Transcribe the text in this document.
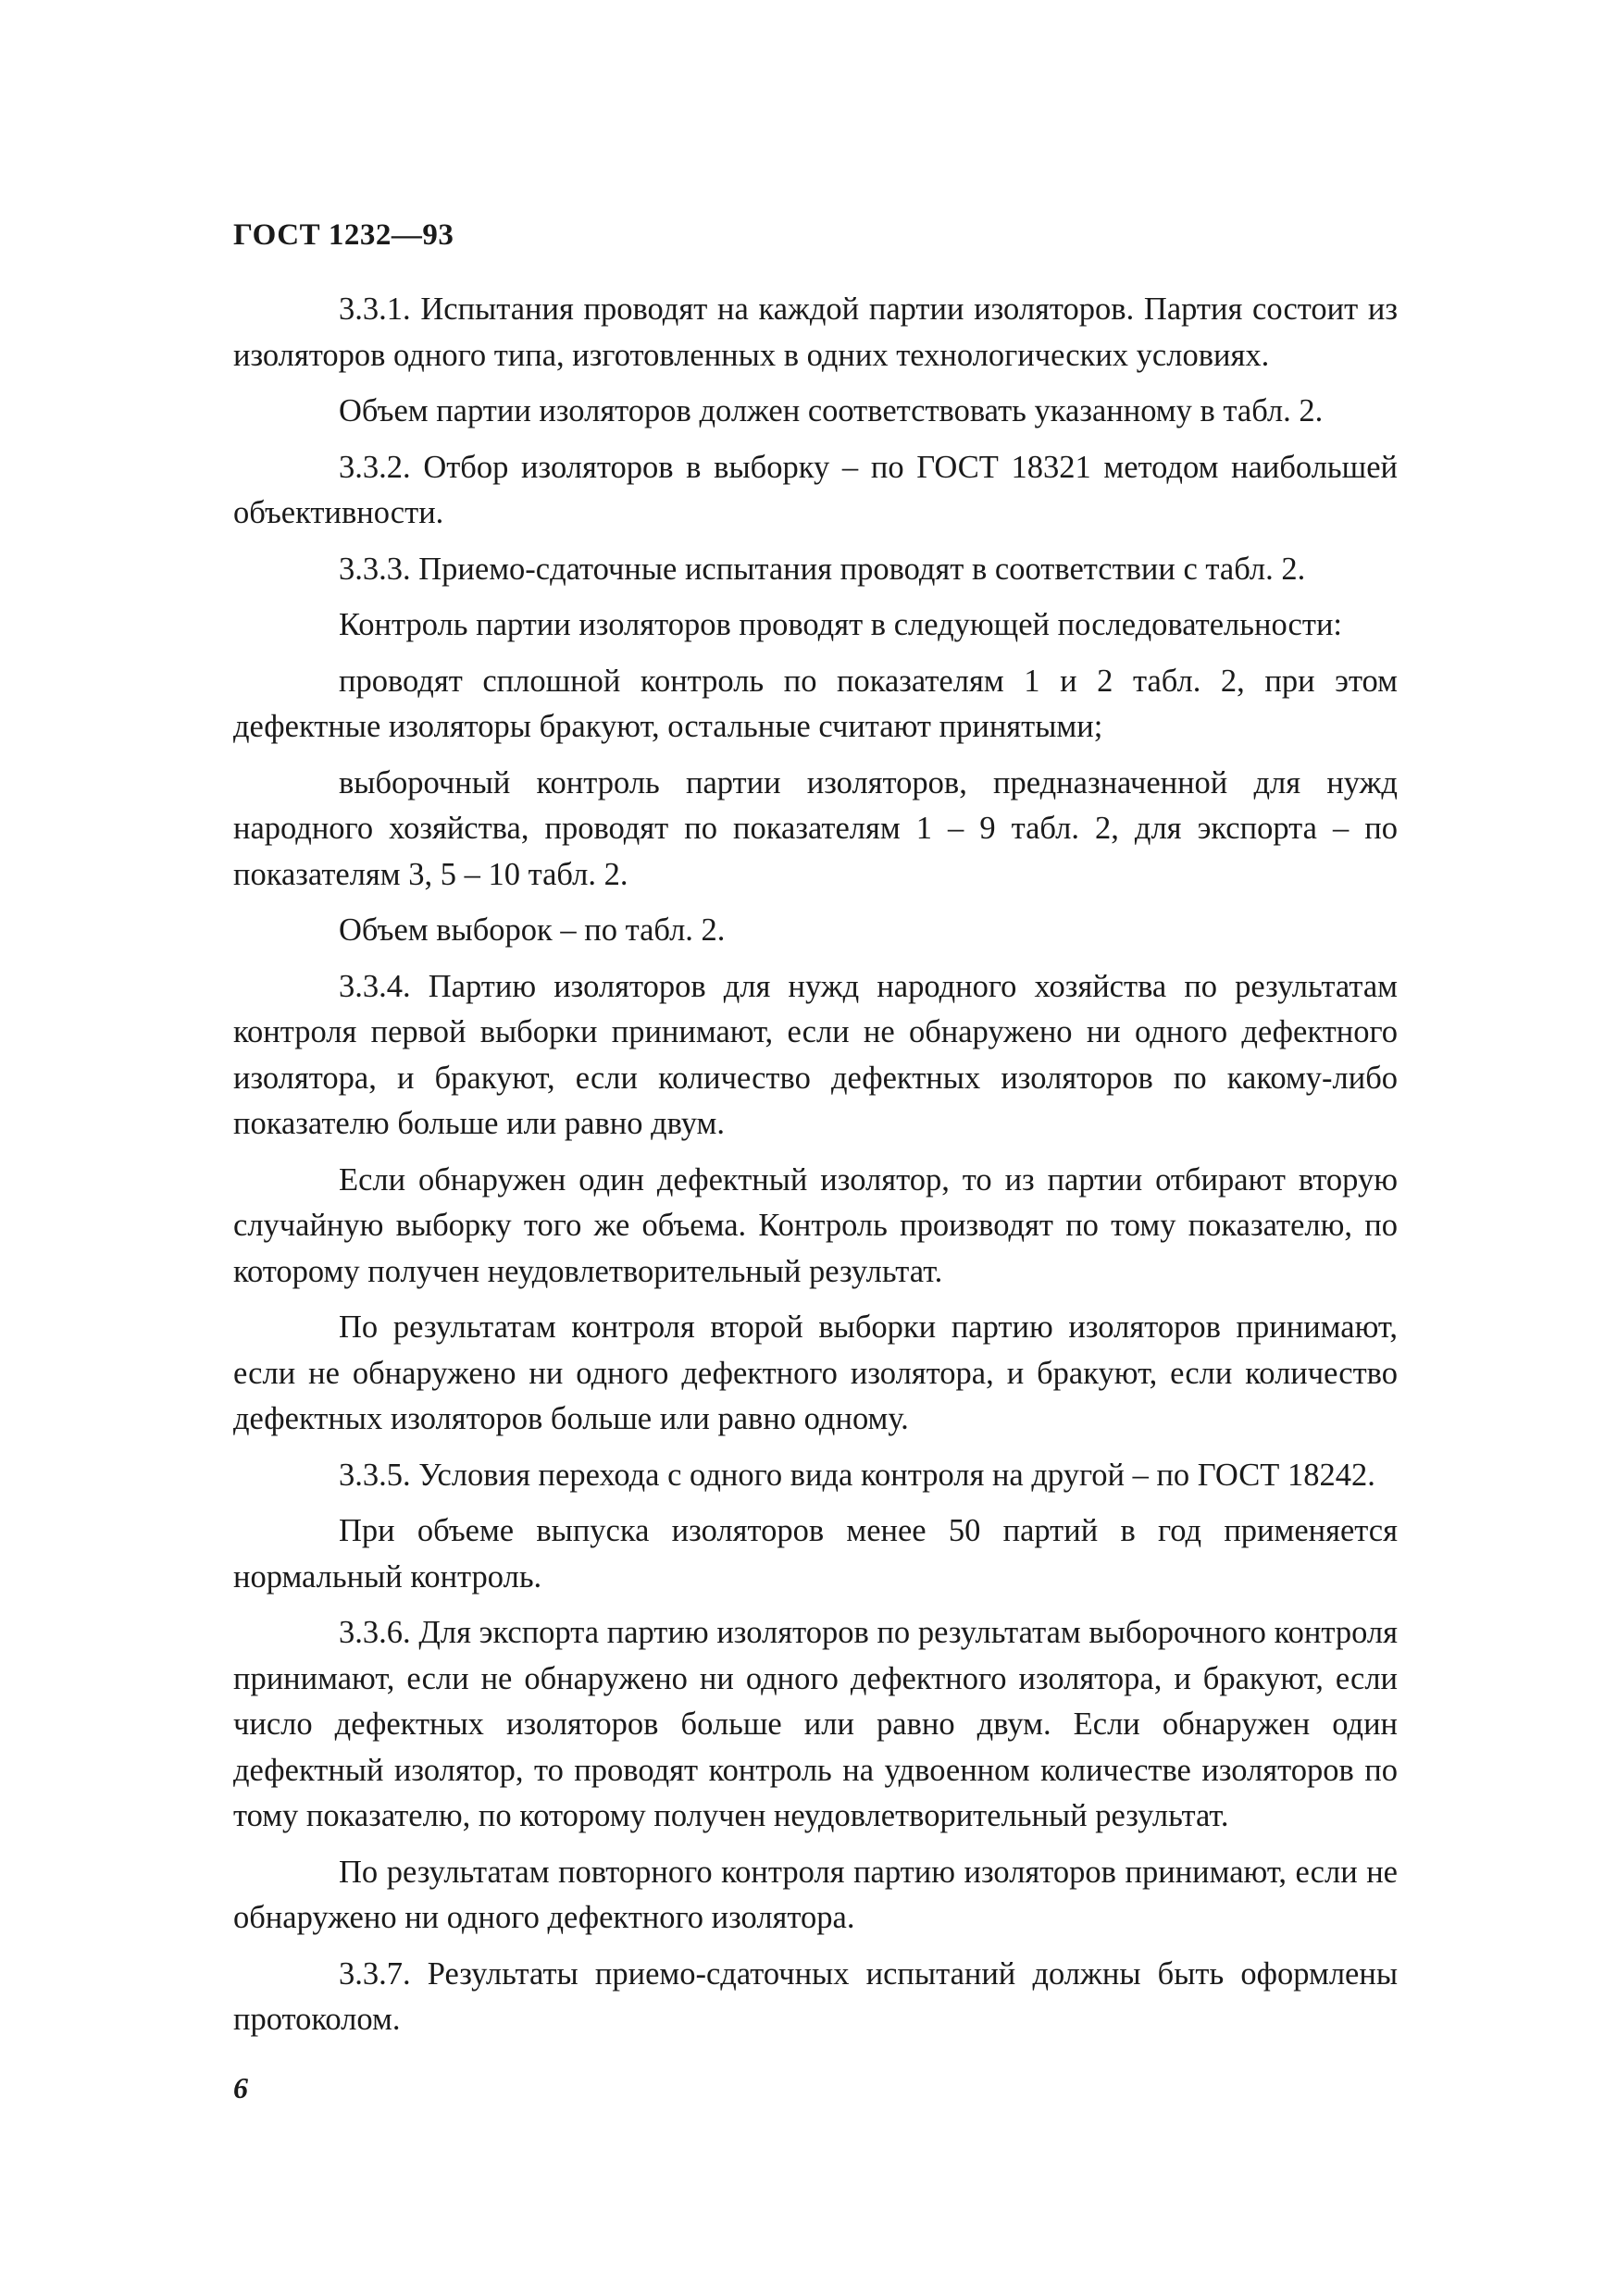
ГОСТ 1232—93

3.3.1. Испытания проводят на каждой партии изоляторов. Партия состоит из изоляторов одного типа, изготовленных в одних технологических условиях.

Объем партии изоляторов должен соответствовать указанному в табл. 2.

3.3.2. Отбор изоляторов в выборку – по ГОСТ 18321 методом наибольшей объективности.

3.3.3. Приемо-сдаточные испытания проводят в соответствии с табл. 2.

Контроль партии изоляторов проводят в следующей последовательности:

проводят сплошной контроль по показателям 1 и 2 табл. 2, при этом дефектные изоляторы бракуют, остальные считают принятыми;

выборочный контроль партии изоляторов, предназначенной для нужд народного хозяйства, проводят по показателям 1 – 9 табл. 2, для экспорта – по показателям 3, 5 – 10 табл. 2.

Объем выборок – по табл. 2.

3.3.4. Партию изоляторов для нужд народного хозяйства по результатам контроля первой выборки принимают, если не обнаружено ни одного дефектного изолятора, и бракуют, если количество дефектных изоляторов по какому-либо показателю больше или равно двум.

Если обнаружен один дефектный изолятор, то из партии отбирают вторую случайную выборку того же объема. Контроль производят по тому показателю, по которому получен неудовлетворительный результат.

По результатам контроля второй выборки партию изоляторов принимают, если не обнаружено ни одного дефектного изолятора, и бракуют, если количество дефектных изоляторов больше или равно одному.

3.3.5. Условия перехода с одного вида контроля на другой – по ГОСТ 18242.

При объеме выпуска изоляторов менее 50 партий в год применяется нормальный контроль.

3.3.6. Для экспорта партию изоляторов по результатам выборочного контроля принимают, если не обнаружено ни одного дефектного изолятора, и бракуют, если число дефектных изоляторов больше или равно двум. Если обнаружен один дефектный изолятор, то проводят контроль на удвоенном количестве изоляторов по тому показателю, по которому получен неудовлетворительный результат.

По результатам повторного контроля партию изоляторов принимают, если не обнаружено ни одного дефектного изолятора.

3.3.7. Результаты приемо-сдаточных испытаний должны быть оформлены протоколом.

6
